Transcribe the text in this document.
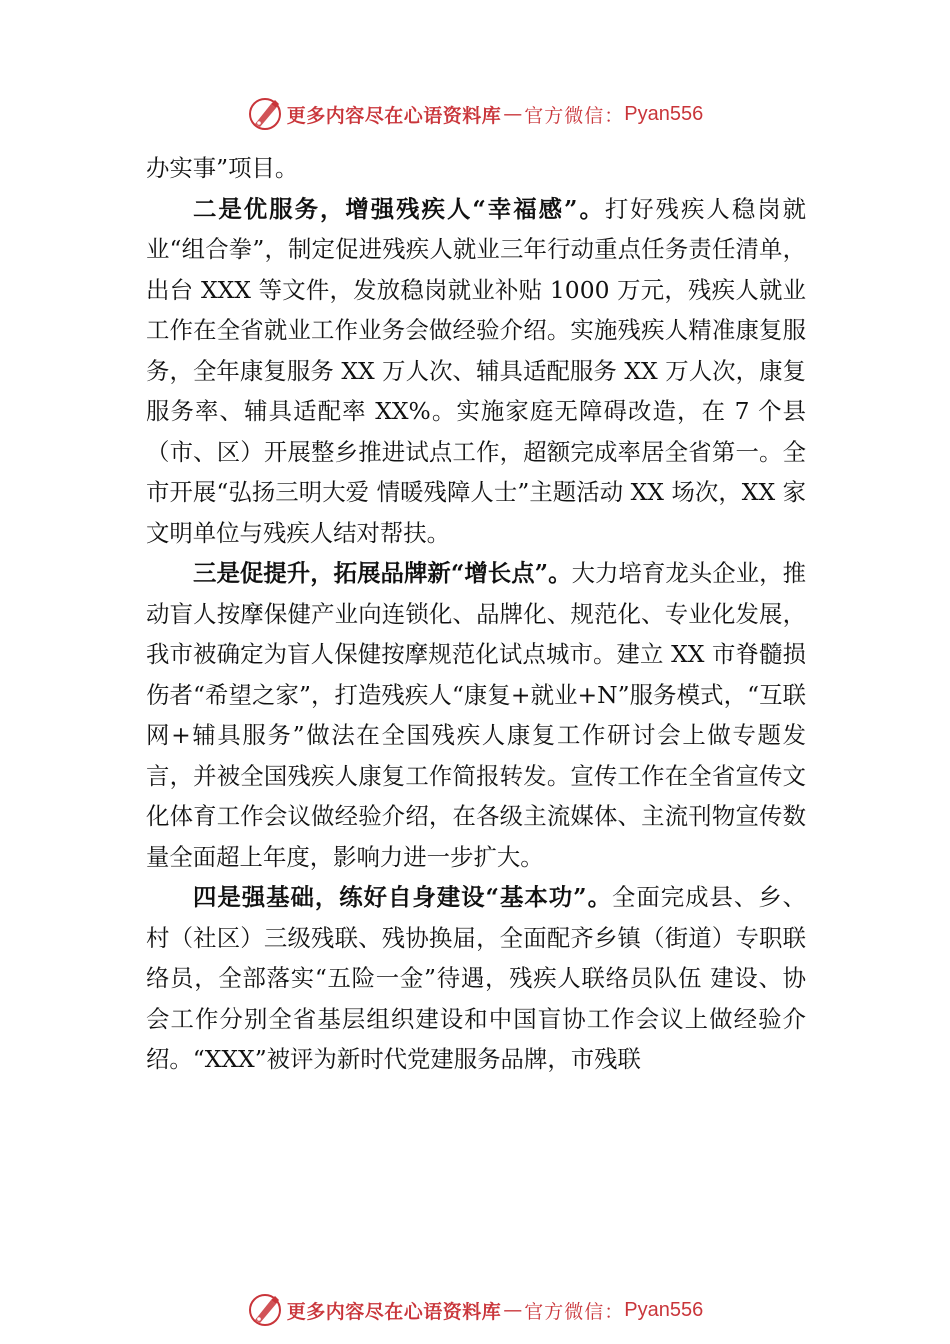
更多内容尽在心语资料库 — 官方微信： Pyan556

办实事”项目。

二是优服务，增强残疾人“幸福感”。打好残疾人稳岗就业“组合拳”，制定促进残疾人就业三年行动重点任务责任清单，出台 XXX 等文件，发放稳岗就业补贴 1000 万元，残疾人就业工作在全省就业工作业务会做经验介绍。实施残疾人精准康复服务，全年康复服务 XX 万人次、辅具适配服务 XX 万人次，康复服务率、辅具适配率 XX%。实施家庭无障碍改造，在 7 个县（市、区）开展整乡推进试点工作，超额完成率居全省第一。全市开展“弘扬三明大爱 情暖残障人士”主题活动 XX 场次，XX 家文明单位与残疾人结对帮扶。

三是促提升，拓展品牌新“增长点”。大力培育龙头企业，推动盲人按摩保健产业向连锁化、品牌化、规范化、专业化发展，我市被确定为盲人保健按摩规范化试点城市。建立 XX 市脊髓损伤者“希望之家”，打造残疾人“康复+就业+N”服务模式，“互联网+辅具服务”做法在全国残疾人康复工作研讨会上做专题发言，并被全国残疾人康复工作简报转发。宣传工作在全省宣传文化体育工作会议做经验介绍，在各级主流媒体、主流刊物宣传数量全面超上年度，影响力进一步扩大。

四是强基础，练好自身建设“基本功”。全面完成县、乡、 村（社区）三级残联、残协换届，全面配齐乡镇（街道）专职联络员，全部落实“五险一金”待遇，残疾人联络员队伍 建设、协会工作分别全省基层组织建设和中国盲协工作会议上做经验介绍。“XXX”被评为新时代党建服务品牌，市残联

更多内容尽在心语资料库 — 官方微信： Pyan556
